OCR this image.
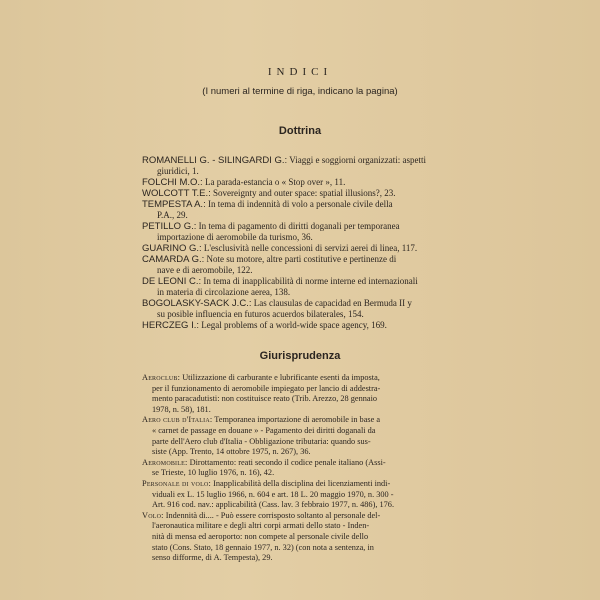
INDICI
(I numeri al termine di riga, indicano la pagina)
Dottrina
ROMANELLI G. - SILINGARDI G.: Viaggi e soggiorni organizzati: aspetti
giuridici, 1.
FOLCHI M.O.: La parada-estancia o « Stop over », 11.
WOLCOTT T.E.: Sovereignty and outer space: spatial illusions?, 23.
TEMPESTA A.: In tema di indennità di volo a personale civile della
P.A., 29.
PETILLO G.: In tema di pagamento di diritti doganali per temporanea
importazione di aeromobile da turismo, 36.
GUARINO G.: L'esclusività nelle concessioni di servizi aerei di linea, 117.
CAMARDA G.: Note su motore, altre parti costitutive e pertinenze di
nave e di aeromobile, 122.
DE LEONI C.: In tema di inapplicabilità di norme interne ed internazionali
in materia di circolazione aerea, 138.
BOGOLASKY-SACK J.C.: Las clausulas de capacidad en Bermuda II y
su posible influencia en futuros acuerdos bilaterales, 154.
HERCZEG I.: Legal problems of a world-wide space agency, 169.
Giurisprudenza
Aeroclub: Utilizzazione di carburante e lubrificante esenti da imposta,
per il funzionamento di aeromobile impiegato per lancio di addestra-
mento paracadutisti: non costituisce reato (Trib. Arezzo, 28 gennaio
1978, n. 58), 181.
Aero club d'Italia: Temporanea importazione di aeromobile in base a
« carnet de passage en douane » - Pagamento dei diritti doganali da
parte dell'Aero club d'Italia - Obbligazione tributaria: quando sus-
siste (App. Trento, 14 ottobre 1975, n. 267), 36.
Aeromobile: Dirottamento: reati secondo il codice penale italiano (Assi-
se Trieste, 10 luglio 1976, n. 16), 42.
Personale di volo: Inapplicabilità della disciplina dei licenziamenti indi-
viduali ex L. 15 luglio 1966, n. 604 e art. 18 L. 20 maggio 1970, n. 300 -
Art. 916 cod. nav.: applicabilità (Cass. lav. 3 febbraio 1977, n. 486), 176.
Volo: Indennità di.... - Può essere corrisposto soltanto al personale del-
l'aeronautica militare e degli altri corpi armati dello stato - Inden-
nità di mensa ed aeroporto: non compete al personale civile dello
stato (Cons. Stato, 18 gennaio 1977, n. 32) (con nota a sentenza, in
senso difforme, di A. Tempesta), 29.
